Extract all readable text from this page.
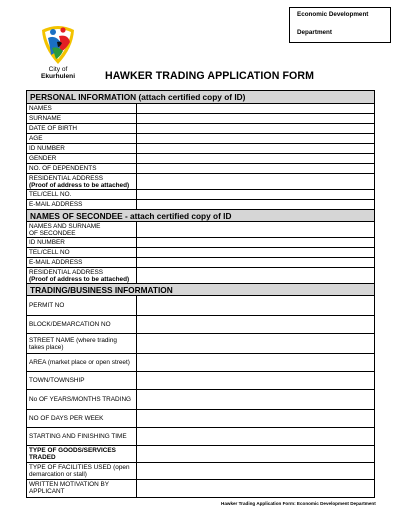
Economic Development
Department
City of
Ekurhuleni	HAWKER TRADING APPLICATION FORM
PERSONAL INFORMATION (attach certified copy of ID)
NAMES
SURNAME
DATE OF BIRTH
AGE
ID NUMBER
GENDER
NO. OF DEPENDENTS
RESIDENTIAL ADDRESS
(Proof of address to be attached)
TEL/CELL NO.
E-MAIL ADDRESS
NAMES OF SECONDEE - attach certified copy of ID
NAMES AND SURNAME
OF SECONDEE
ID NUMBER
TEL/CELL NO
E-MAIL ADDRESS
RESIDENTIAL ADDRESS
(Proof of address to be attached)
TRADING/BUSINESS INFORMATION
PERMIT NO
BLOCK/DEMARCATION NO
STREET NAME (where trading
takes place)
AREA (market place or open street)
TOWN/TOWNSHIP
No OF YEARS/MONTHS TRADING
NO OF DAYS PER WEEK
STARTING AND FINISHING TIME
TYPE OF GOODS/SERVICES
TRADED
TYPE OF FACILITIES USED (open
demarcation or stall)
WRITTEN MOTIVATION BY
APPLICANT
Hawker Trading Application Form: Economic Development Department
